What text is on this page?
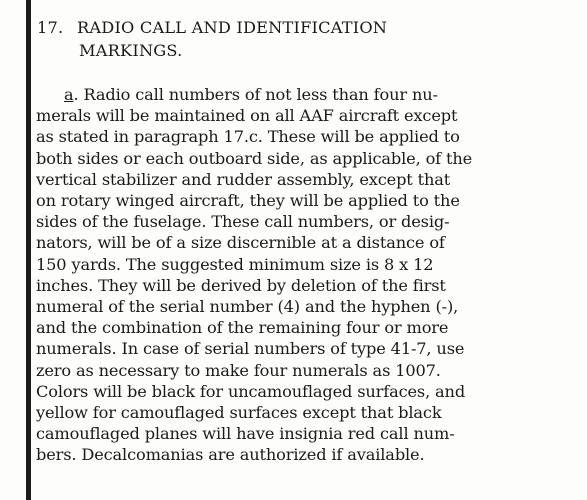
17. RADIO CALL AND IDENTIFICATION
MARKINGS.
a. Radio call numbers of not less than four nu-
merals will be maintained on all AAF aircraft except
as stated in paragraph 17.c. These will be applied to
both sides or each outboard side, as applicable, of the
vertical stabilizer and rudder assembly, except that
on rotary winged aircraft, they will be applied to the
sides of the fuselage. These call numbers, or desig-
nators, will be of a size discernible at a distance of
150 yards. The suggested minimum size is 8 x 12
inches. They will be derived by deletion of the first
numeral of the serial number (4) and the hyphen (-),
and the combination of the remaining four or more
numerals. In case of serial numbers of type 41-7, use
zero as necessary to make four numerals as 1007.
Colors will be black for uncamouflaged surfaces, and
yellow for camouflaged surfaces except that black
camouflaged planes will have insignia red call num-
bers. Decalcomanias are authorized if available.
